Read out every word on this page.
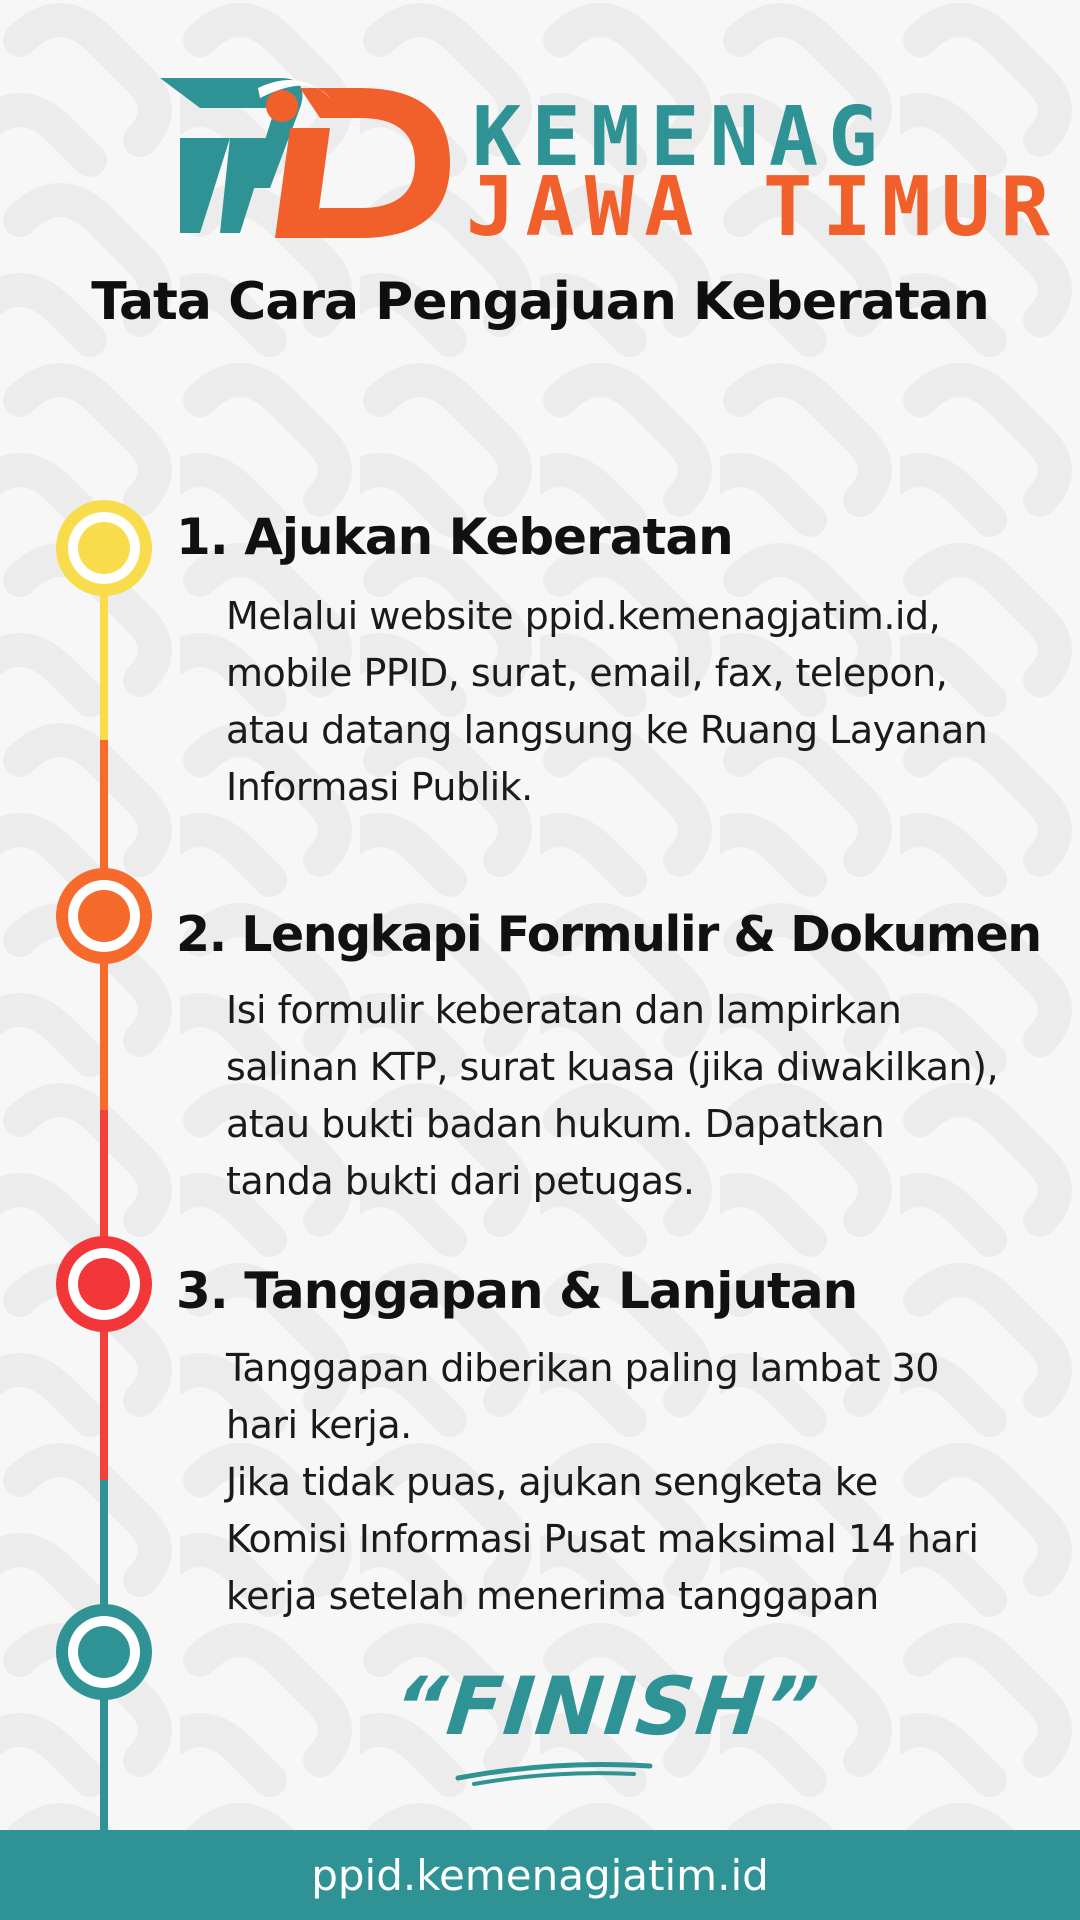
KEMENAG
JAWA TIMUR
Tata Cara Pengajuan Keberatan
1. Ajukan Keberatan
Melalui website ppid.kemenagjatim.id,
mobile PPID, surat, email, fax, telepon,
atau datang langsung ke Ruang Layanan
Informasi Publik.
2. Lengkapi Formulir & Dokumen
Isi formulir keberatan dan lampirkan
salinan KTP, surat kuasa (jika diwakilkan),
atau bukti badan hukum. Dapatkan
tanda bukti dari petugas.
3. Tanggapan & Lanjutan
Tanggapan diberikan paling lambat 30
hari kerja.
Jika tidak puas, ajukan sengketa ke
Komisi Informasi Pusat maksimal 14 hari
kerja setelah menerima tanggapan
“FINISH”
ppid.kemenagjatim.id
